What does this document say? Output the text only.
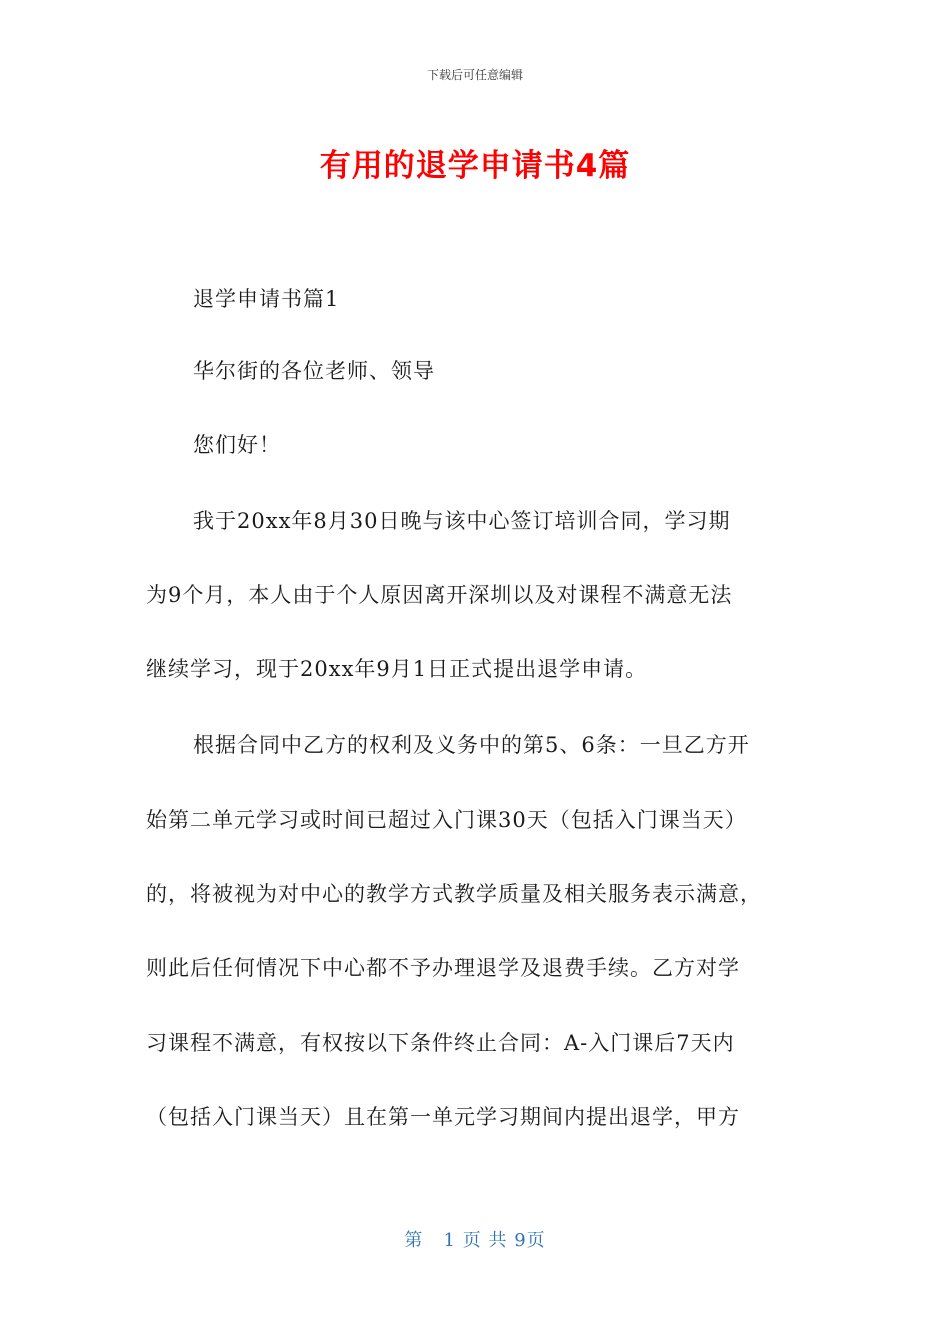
下载后可任意编辑
有用的退学申请书4篇
退学申请书篇1
华尔街的各位老师、领导
您们好！
我于20xx年8月30日晚与该中心签订培训合同，学习期
为9个月，本人由于个人原因离开深圳以及对课程不满意无法
继续学习，现于20xx年9月1日正式提出退学申请。
根据合同中乙方的权利及义务中的第5、6条：一旦乙方开
始第二单元学习或时间已超过入门课30天（包括入门课当天）
的，将被视为对中心的教学方式教学质量及相关服务表示满意，
则此后任何情况下中心都不予办理退学及退费手续。乙方对学
习课程不满意，有权按以下条件终止合同：A-入门课后7天内
（包括入门课当天）且在第一单元学习期间内提出退学，甲方
第 1 页 共 9页
